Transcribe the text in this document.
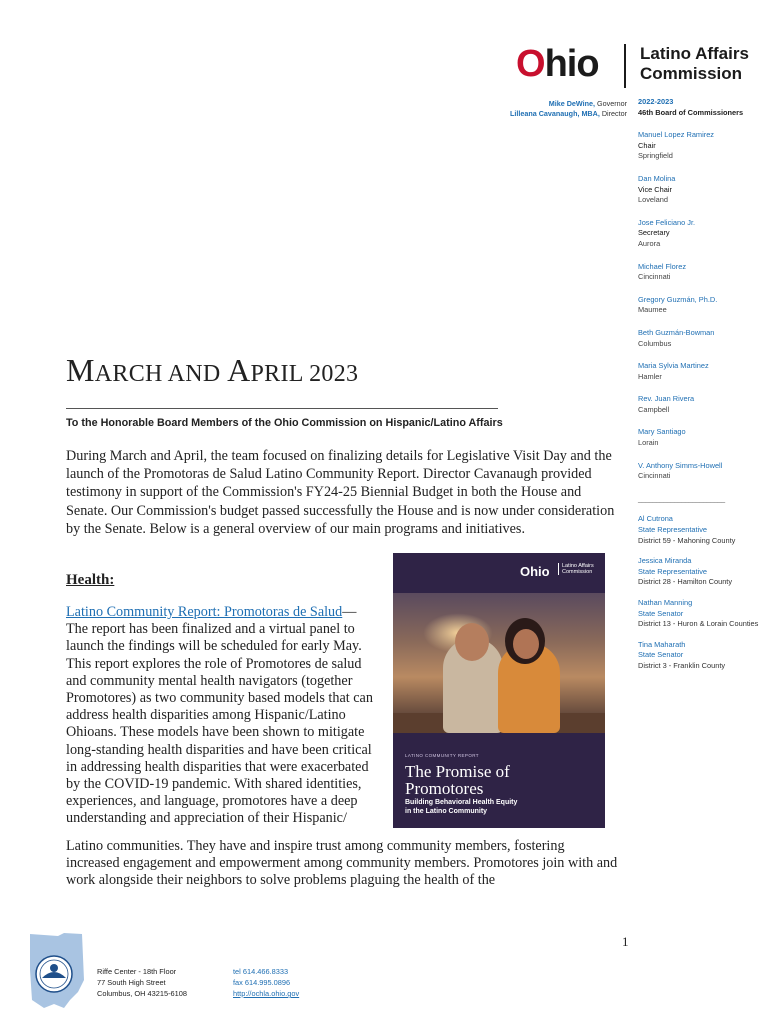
Ohio Latino Affairs
Commission
Mike DeWine, Governor
Lilleana Cavanaugh, MBA, Director
2022-2023
46th Board of Commissioners
Manuel Lopez Ramirez
Chair
Springfield
Dan Molina
Vice Chair
Loveland
Jose Feliciano Jr.
Secretary
Aurora
Michael Florez
Cincinnati
Gregory Guzmán, Ph.D.
Maumee
Beth Guzmán-Bowman
Columbus
Maria Sylvia Martinez
Hamler
Rev. Juan Rivera
Campbell
Mary Santiago
Lorain
V. Anthony Simms-Howell
Cincinnati
________________________
Al Cutrona
State Representative
District 59 - Mahoning County
Jessica Miranda
State Representative
District 28 - Hamilton County
Nathan Manning
State Senator
District 13 - Huron & Lorain Counties
Tina Maharath
State Senator
District 3 - Franklin County
MARCH AND APRIL 2023
To the Honorable Board Members of the Ohio Commission on Hispanic/Latino Affairs
During March and April, the team focused on finalizing details for Legislative Visit Day and the launch of the Promotoras de Salud Latino Community Report. Director Cavanaugh provided testimony in support of the Commission's FY24-25 Biennial Budget in both the House and Senate. Our Commission's budget passed successfully the House and is now under consideration by the Senate. Below is a general overview of our main programs and initiatives.
Health:
Latino Community Report: Promotoras de Salud—The report has been finalized and a virtual panel to launch the findings will be scheduled for early May. This report explores the role of Promotores de salud and community mental health navigators (together Promotores) as two community based models that can address health disparities among Hispanic/Latino Ohioans. These models have been shown to mitigate long-standing health disparities and have been critical in addressing health disparities that were exacerbated by the COVID-19 pandemic. With shared identities, experiences, and language, promotores have a deep understanding and appreciation of their Hispanic/
Latino communities. They have and inspire trust among community members, fostering increased engagement and empowerment among community members. Promotores join with and work alongside their neighbors to solve problems plaguing the health of the
Ohio Latino Affairs
Commission
LATINO COMMUNITY REPORT
The Promise of
Promotores
Building Behavioral Health Equity
in the Latino Community
1
Riffe Center - 18th Floor
77 South High Street
Columbus, OH 43215-6108
tel 614.466.8333
fax 614.995.0896
http://ochla.ohio.gov
